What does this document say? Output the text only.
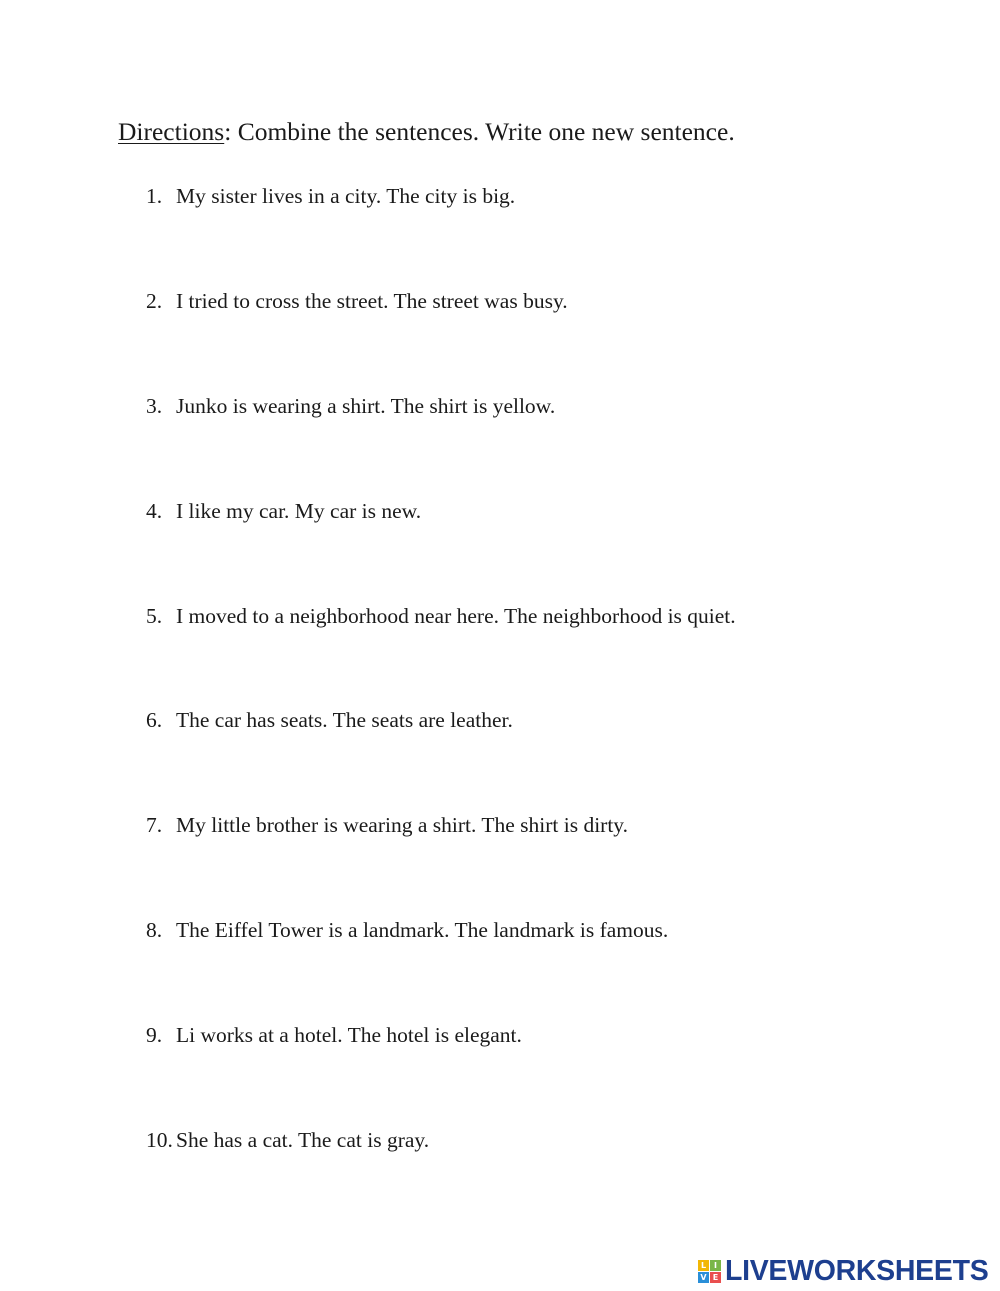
Directions: Combine the sentences. Write one new sentence.
1. My sister lives in a city. The city is big.
2. I tried to cross the street. The street was busy.
3. Junko is wearing a shirt. The shirt is yellow.
4. I like my car. My car is new.
5. I moved to a neighborhood near here. The neighborhood is quiet.
6. The car has seats. The seats are leather.
7. My little brother is wearing a shirt. The shirt is dirty.
8. The Eiffel Tower is a landmark. The landmark is famous.
9. Li works at a hotel. The hotel is elegant.
10. She has a cat. The cat is gray.
L I
V E LIVEWORKSHEETS
